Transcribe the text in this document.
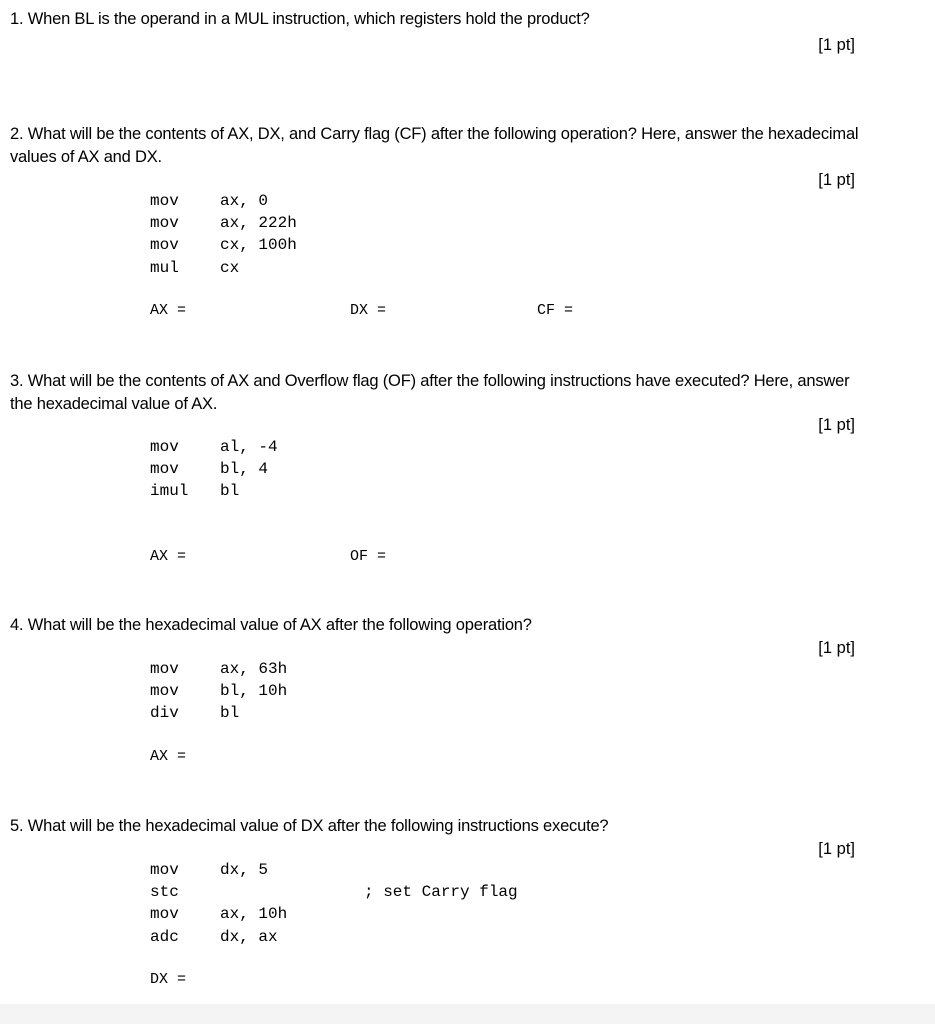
1. When BL is the operand in a MUL instruction, which registers hold the product?
[1 pt]
2. What will be the contents of AX, DX, and Carry flag (CF) after the following operation? Here, answer the hexadecimal values of AX and DX.
[1 pt]
mov	ax, 0
mov	ax, 222h
mov	cx, 100h
mul	cx
AX =	DX =	CF =
3. What will be the contents of AX and Overflow flag (OF) after the following instructions have executed? Here, answer the hexadecimal value of AX.
[1 pt]
mov	al, -4
mov	bl, 4
imul bl
AX =	OF =
4. What will be the hexadecimal value of AX after the following operation?
[1 pt]
mov	ax, 63h
mov	bl, 10h
div	bl
AX =
5. What will be the hexadecimal value of DX after the following instructions execute?
[1 pt]
mov	dx, 5
stc	; set Carry flag
mov	ax, 10h
adc	dx, ax
DX =
